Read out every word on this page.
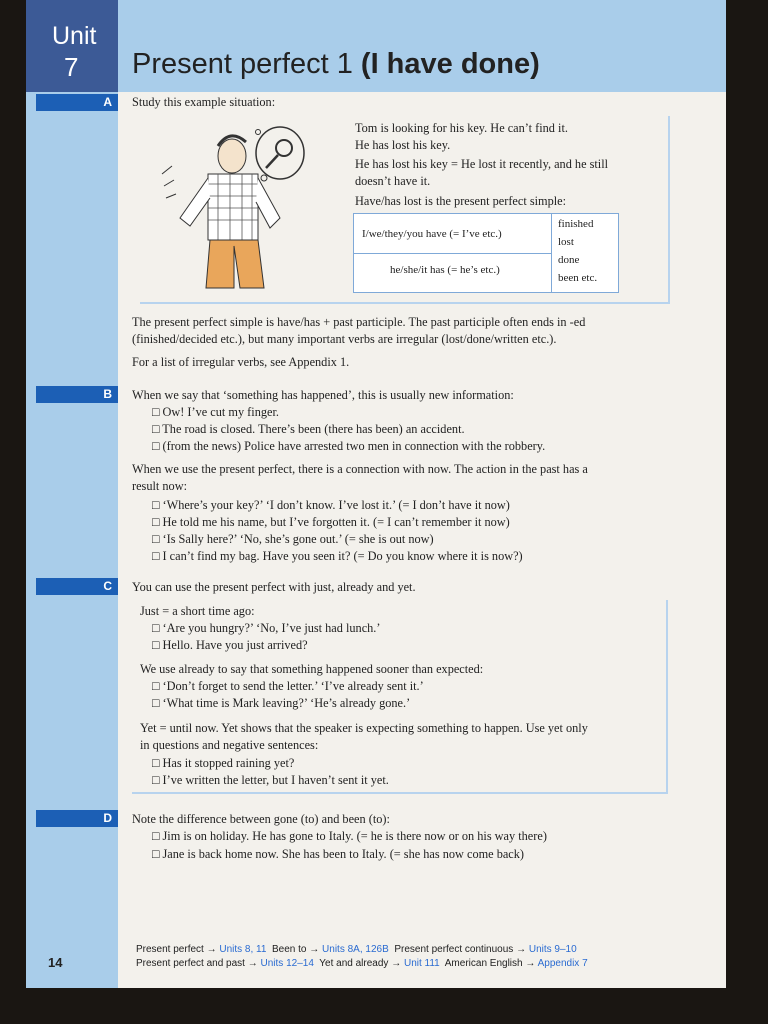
Unit
7 Present perfect 1 (I have done)
A
B
C
D
Study this example situation:
Tom is looking for his key. He can’t find it.
He has lost his key.
He has lost his key = He lost it recently, and he still
doesn’t have it.
Have/has lost is the present perfect simple:
I/we/they/you have (= I’ve etc.)
he/she/it has (= he’s etc.)
finished
lost
done
been etc.
The present perfect simple is have/has + past participle. The past participle often ends in -ed
(finished/decided etc.), but many important verbs are irregular (lost/done/written etc.).
For a list of irregular verbs, see Appendix 1.
When we say that ‘something has happened’, this is usually new information:
□ Ow! I’ve cut my finger.
□ The road is closed. There’s been (there has been) an accident.
□ (from the news) Police have arrested two men in connection with the robbery.
When we use the present perfect, there is a connection with now. The action in the past has a
result now:
□ ‘Where’s your key?’ ‘I don’t know. I’ve lost it.’ (= I don’t have it now)
□ He told me his name, but I’ve forgotten it. (= I can’t remember it now)
□ ‘Is Sally here?’ ‘No, she’s gone out.’ (= she is out now)
□ I can’t find my bag. Have you seen it? (= Do you know where it is now?)
You can use the present perfect with just, already and yet.
Just = a short time ago:
□ ‘Are you hungry?’ ‘No, I’ve just had lunch.’
□ Hello. Have you just arrived?
We use already to say that something happened sooner than expected:
□ ‘Don’t forget to send the letter.’ ‘I’ve already sent it.’
□ ‘What time is Mark leaving?’ ‘He’s already gone.’
Yet = until now. Yet shows that the speaker is expecting something to happen. Use yet only
in questions and negative sentences:
□ Has it stopped raining yet?
□ I’ve written the letter, but I haven’t sent it yet.
Note the difference between gone (to) and been (to):
□ Jim is on holiday. He has gone to Italy. (= he is there now or on his way there)
□ Jane is back home now. She has been to Italy. (= she has now come back)
Present perfect → Units 8, 11 Been to → Units 8A, 126B Present perfect continuous → Units 9–10
Present perfect and past → Units 12–14 Yet and already → Unit 111 American English → Appendix 7
14
